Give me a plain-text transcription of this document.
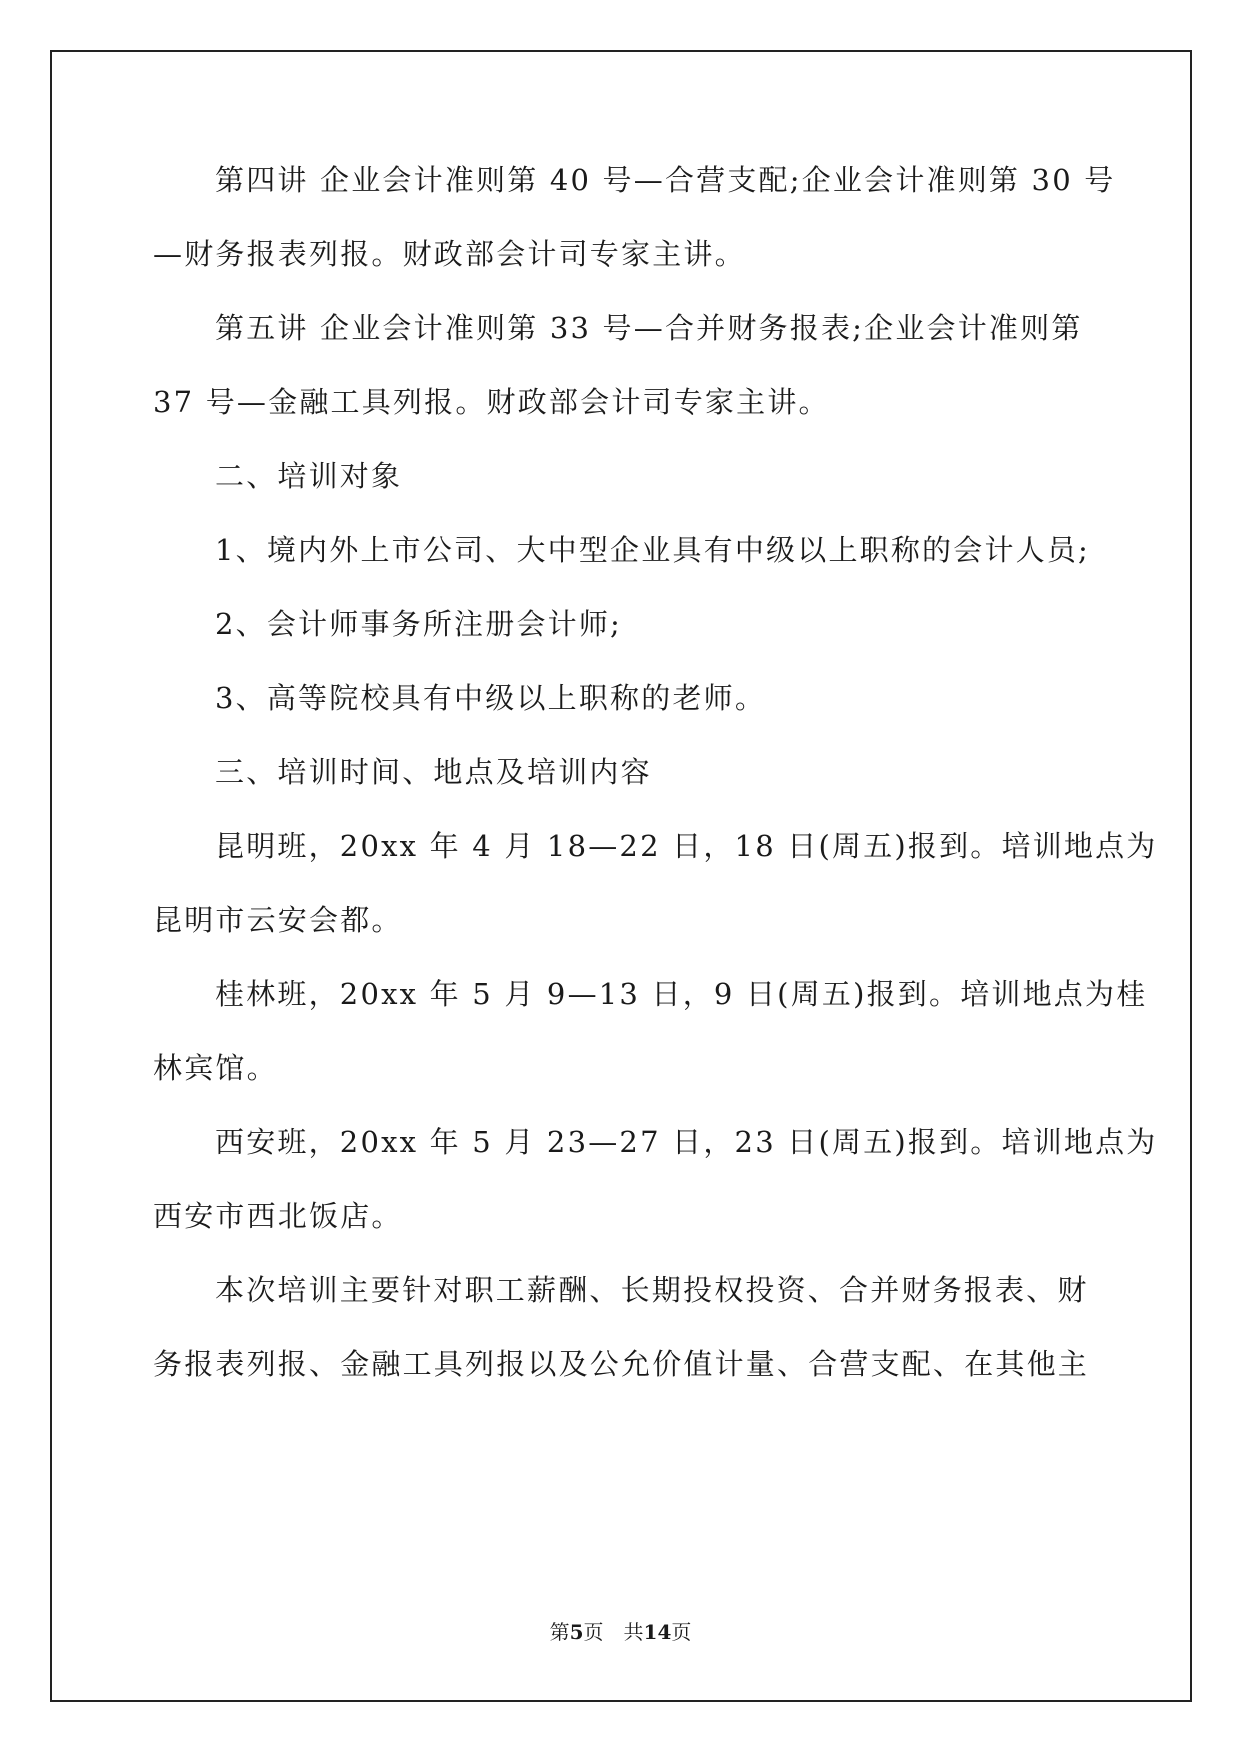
第四讲 企业会计准则第 40 号—合营支配;企业会计准则第 30 号
—财务报表列报。财政部会计司专家主讲。
第五讲 企业会计准则第 33 号—合并财务报表;企业会计准则第
37 号—金融工具列报。财政部会计司专家主讲。
二、培训对象
1、境内外上市公司、大中型企业具有中级以上职称的会计人员;
2、会计师事务所注册会计师;
3、高等院校具有中级以上职称的老师。
三、培训时间、地点及培训内容
昆明班，20xx 年 4 月 18—22 日，18 日(周五)报到。培训地点为
昆明市云安会都。
桂林班，20xx 年 5 月 9—13 日，9 日(周五)报到。培训地点为桂
林宾馆。
西安班，20xx 年 5 月 23—27 日，23 日(周五)报到。培训地点为
西安市西北饭店。
本次培训主要针对职工薪酬、长期投权投资、合并财务报表、财
务报表列报、金融工具列报以及公允价值计量、合营支配、在其他主
第5页　共14页
